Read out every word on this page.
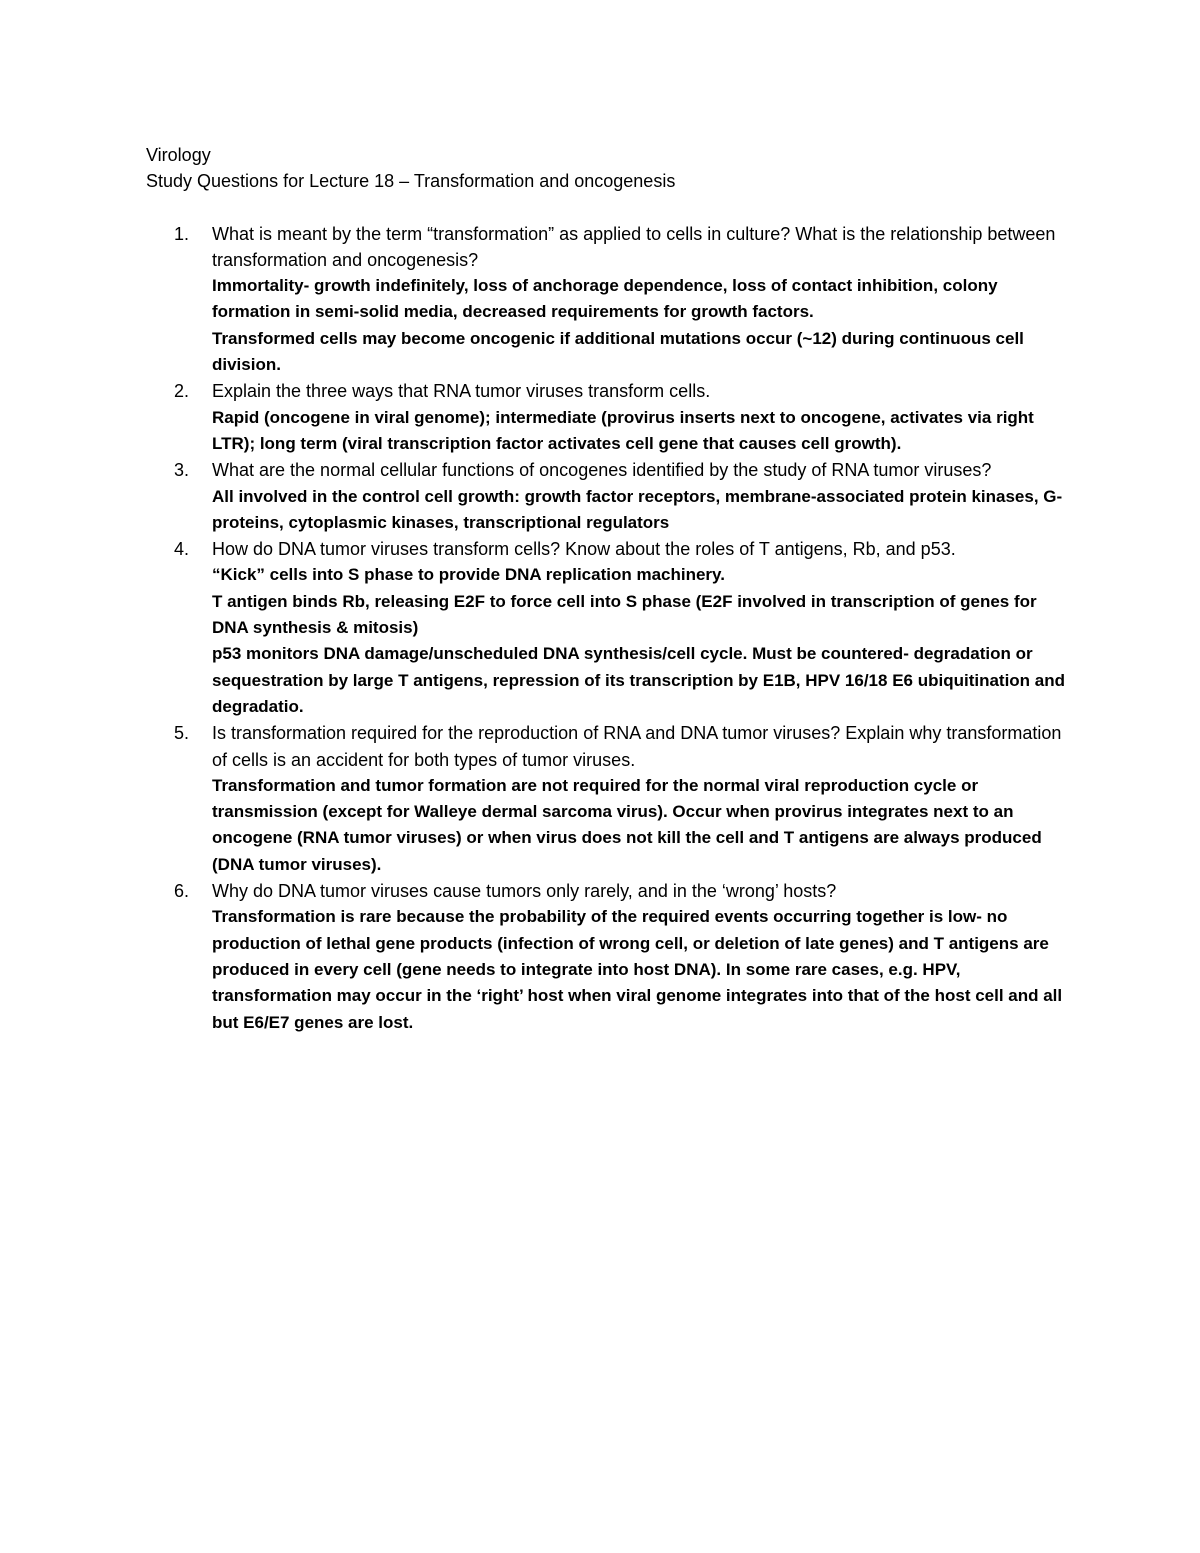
Virology

Study Questions for Lecture 18 – Transformation and oncogenesis

1. What is meant by the term “transformation” as applied to cells in culture? What is the relationship between transformation and oncogenesis?

Immortality- growth indefinitely, loss of anchorage dependence, loss of contact inhibition, colony formation in semi-solid media, decreased requirements for growth factors.

Transformed cells may become oncogenic if additional mutations occur (~12) during continuous cell division.

2. Explain the three ways that RNA tumor viruses transform cells.

Rapid (oncogene in viral genome); intermediate (provirus inserts next to oncogene, activates via right LTR); long term (viral transcription factor activates cell gene that causes cell growth).

3. What are the normal cellular functions of oncogenes identified by the study of RNA tumor viruses?

All involved in the control cell growth: growth factor receptors, membrane-associated protein kinases, G-proteins, cytoplasmic kinases, transcriptional regulators

4. How do DNA tumor viruses transform cells? Know about the roles of T antigens, Rb, and p53.

“Kick” cells into S phase to provide DNA replication machinery.

T antigen binds Rb, releasing E2F to force cell into S phase (E2F involved in transcription of genes for DNA synthesis & mitosis)

p53 monitors DNA damage/unscheduled DNA synthesis/cell cycle. Must be countered- degradation or sequestration by large T antigens, repression of its transcription by E1B, HPV 16/18 E6 ubiquitination and degradatio.

5. Is transformation required for the reproduction of RNA and DNA tumor viruses? Explain why transformation of cells is an accident for both types of tumor viruses.

Transformation and tumor formation are not required for the normal viral reproduction cycle or transmission (except for Walleye dermal sarcoma virus). Occur when provirus integrates next to an oncogene (RNA tumor viruses) or when virus does not kill the cell and T antigens are always produced (DNA tumor viruses).

6. Why do DNA tumor viruses cause tumors only rarely, and in the ‘wrong’ hosts?

Transformation is rare because the probability of the required events occurring together is low- no production of lethal gene products (infection of wrong cell, or deletion of late genes) and T antigens are produced in every cell (gene needs to integrate into host DNA). In some rare cases, e.g. HPV, transformation may occur in the ‘right’ host when viral genome integrates into that of the host cell and all but E6/E7 genes are lost.
